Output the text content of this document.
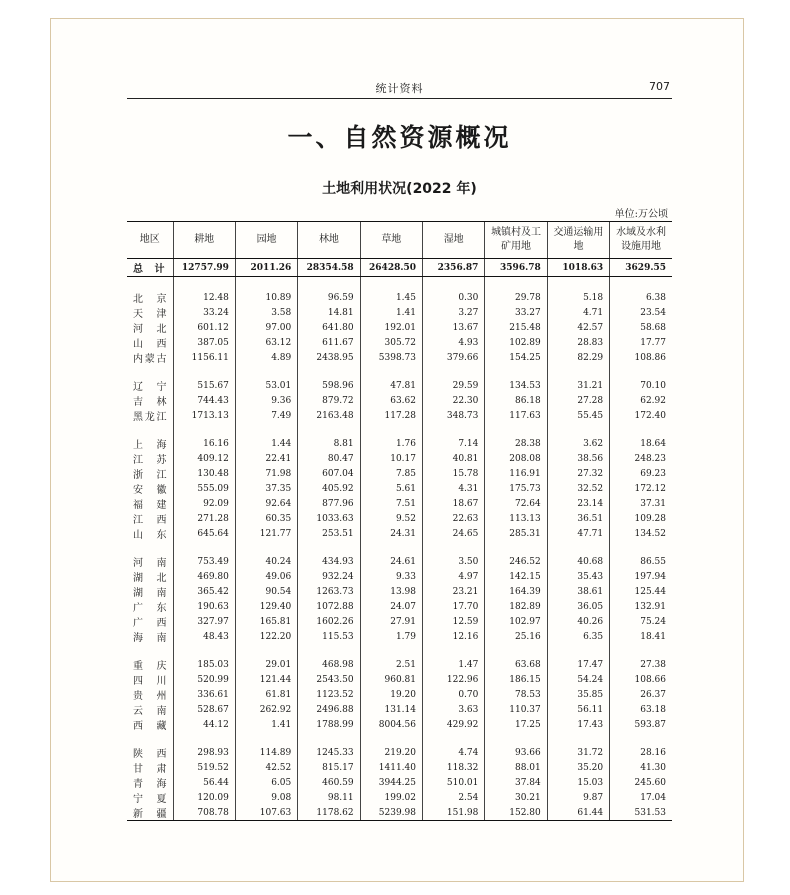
统计资料	707
一、自然资源概况
土地利用状况(2022 年)
单位:万公顷
地区	耕地	园地	林地	草地	湿地	城镇村及工矿用地	交通运输用地	水域及水利设施用地
总计	12757.99	2011.26	28354.58	26428.50	2356.87	3596.78	1018.63	3629.55

北京	12.48	10.89	96.59	1.45	0.30	29.78	5.18	6.38
天津	33.24	3.58	14.81	1.41	3.27	33.27	4.71	23.54
河北	601.12	97.00	641.80	192.01	13.67	215.48	42.57	58.68
山西	387.05	63.12	611.67	305.72	4.93	102.89	28.83	17.77
内蒙古	1156.11	4.89	2438.95	5398.73	379.66	154.25	82.29	108.86

辽宁	515.67	53.01	598.96	47.81	29.59	134.53	31.21	70.10
吉林	744.43	9.36	879.72	63.62	22.30	86.18	27.28	62.92
黑龙江	1713.13	7.49	2163.48	117.28	348.73	117.63	55.45	172.40

上海	16.16	1.44	8.81	1.76	7.14	28.38	3.62	18.64
江苏	409.12	22.41	80.47	10.17	40.81	208.08	38.56	248.23
浙江	130.48	71.98	607.04	7.85	15.78	116.91	27.32	69.23
安徽	555.09	37.35	405.92	5.61	4.31	175.73	32.52	172.12
福建	92.09	92.64	877.96	7.51	18.67	72.64	23.14	37.31
江西	271.28	60.35	1033.63	9.52	22.63	113.13	36.51	109.28
山东	645.64	121.77	253.51	24.31	24.65	285.31	47.71	134.52

河南	753.49	40.24	434.93	24.61	3.50	246.52	40.68	86.55
湖北	469.80	49.06	932.24	9.33	4.97	142.15	35.43	197.94
湖南	365.42	90.54	1263.73	13.98	23.21	164.39	38.61	125.44
广东	190.63	129.40	1072.88	24.07	17.70	182.89	36.05	132.91
广西	327.97	165.81	1602.26	27.91	12.59	102.97	40.26	75.24
海南	48.43	122.20	115.53	1.79	12.16	25.16	6.35	18.41

重庆	185.03	29.01	468.98	2.51	1.47	63.68	17.47	27.38
四川	520.99	121.44	2543.50	960.81	122.96	186.15	54.24	108.66
贵州	336.61	61.81	1123.52	19.20	0.70	78.53	35.85	26.37
云南	528.67	262.92	2496.88	131.14	3.63	110.37	56.11	63.18
西藏	44.12	1.41	1788.99	8004.56	429.92	17.25	17.43	593.87

陕西	298.93	114.89	1245.33	219.20	4.74	93.66	31.72	28.16
甘肃	519.52	42.52	815.17	1411.40	118.32	88.01	35.20	41.30
青海	56.44	6.05	460.59	3944.25	510.01	37.84	15.03	245.60
宁夏	120.09	9.08	98.11	199.02	2.54	30.21	9.87	17.04
新疆	708.78	107.63	1178.62	5239.98	151.98	152.80	61.44	531.53
